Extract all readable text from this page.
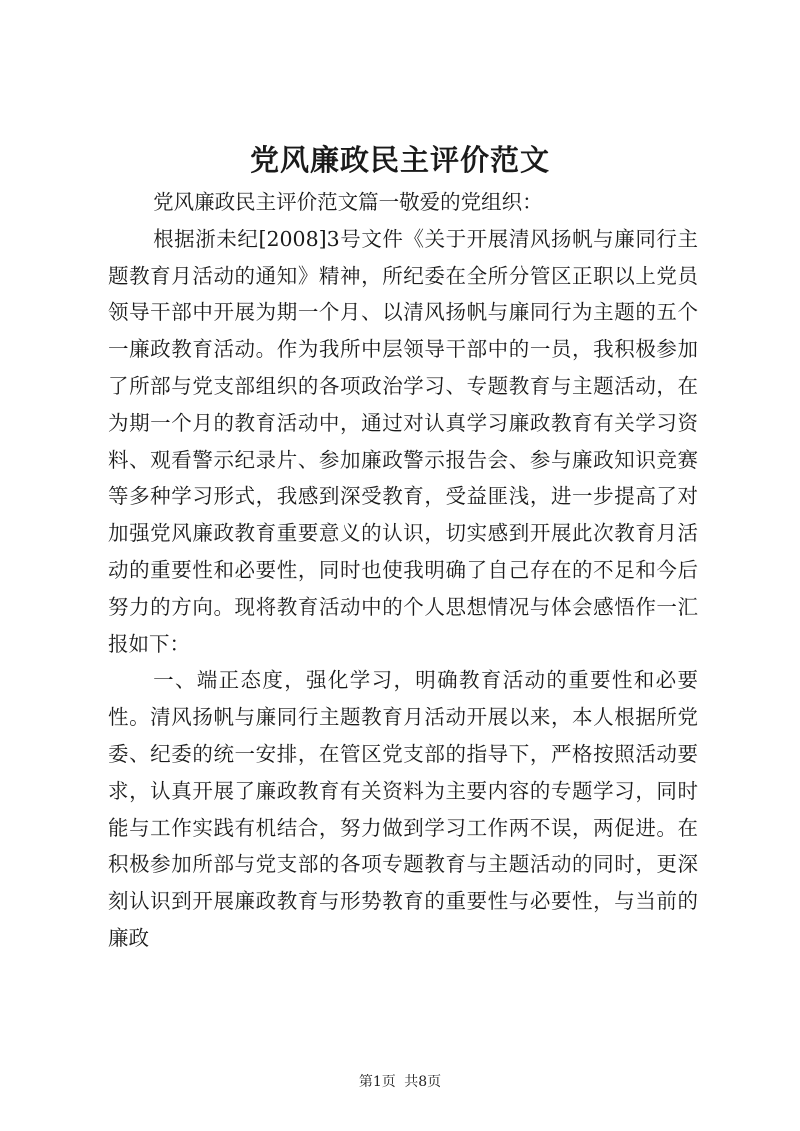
党风廉政民主评价范文

党风廉政民主评价范文篇一敬爱的党组织：

根据浙未纪[2008]3号文件《关于开展清风扬帆与廉同行主题教育月活动的通知》精神，所纪委在全所分管区正职以上党员领导干部中开展为期一个月、以清风扬帆与廉同行为主题的五个一廉政教育活动。作为我所中层领导干部中的一员，我积极参加了所部与党支部组织的各项政治学习、专题教育与主题活动，在为期一个月的教育活动中，通过对认真学习廉政教育有关学习资料、观看警示纪录片、参加廉政警示报告会、参与廉政知识竞赛等多种学习形式，我感到深受教育，受益匪浅，进一步提高了对加强党风廉政教育重要意义的认识，切实感到开展此次教育月活动的重要性和必要性，同时也使我明确了自己存在的不足和今后努力的方向。现将教育活动中的个人思想情况与体会感悟作一汇报如下：

一、端正态度，强化学习，明确教育活动的重要性和必要性。清风扬帆与廉同行主题教育月活动开展以来，本人根据所党委、纪委的统一安排，在管区党支部的指导下，严格按照活动要求，认真开展了廉政教育有关资料为主要内容的专题学习，同时能与工作实践有机结合，努力做到学习工作两不误，两促进。在积极参加所部与党支部的各项专题教育与主题活动的同时，更深刻认识到开展廉政教育与形势教育的重要性与必要性，与当前的廉政

第1页 共8页
